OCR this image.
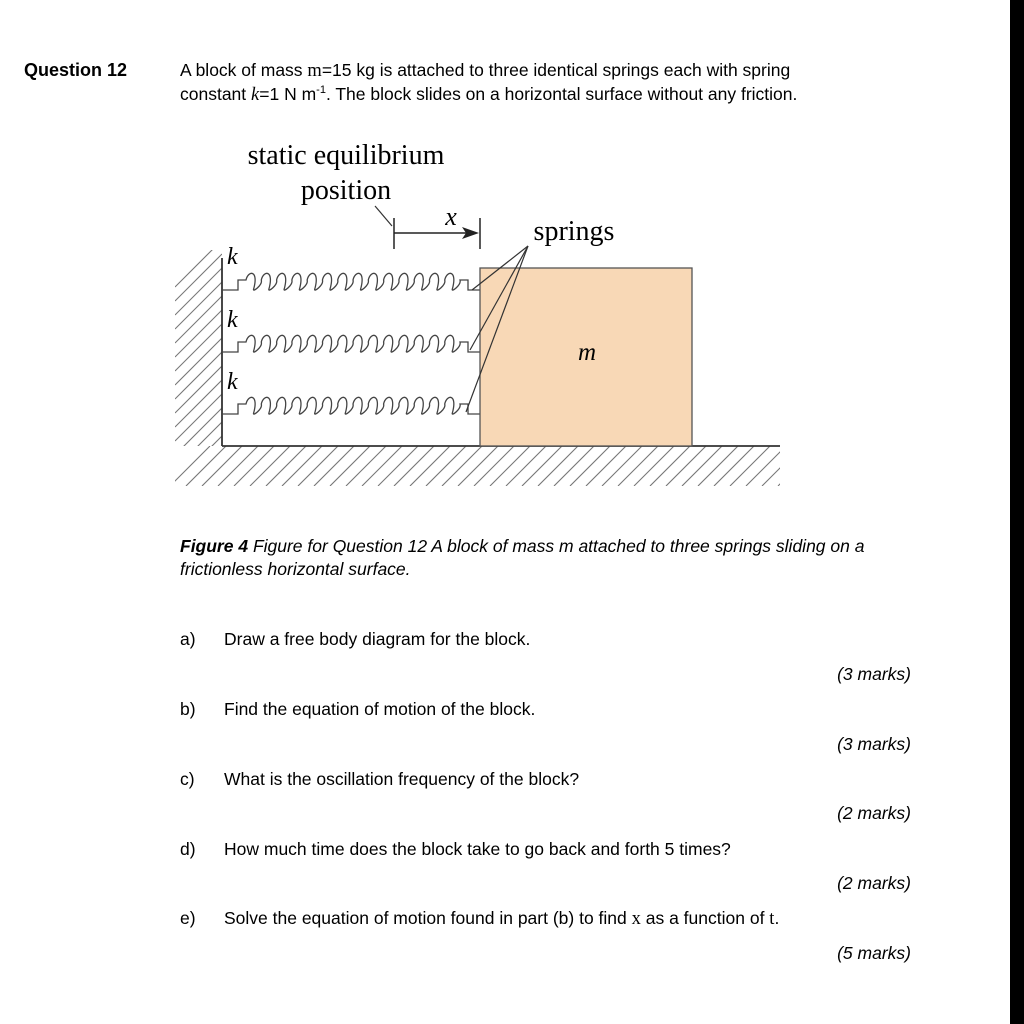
Question 12	A block of mass m=15 kg is attached to three identical springs each with spring
constant k=1 N $m^{-1}$. The block slides on a horizontal surface without any friction.
m
k
k
k
static equilibrium
position
x	springs
Figure 4 Figure for Question 12 A block of mass m attached to three springs sliding on a frictionless horizontal surface.
a) Draw a free body diagram for the block.
(3 marks)
b) Find the equation of motion of the block.
(3 marks)
c) What is the oscillation frequency of the block?
(2 marks)
d) How much time does the block take to go back and forth 5 times?
(2 marks)
e) Solve the equation of motion found in part (b) to find x as a function of t.
(5 marks)
